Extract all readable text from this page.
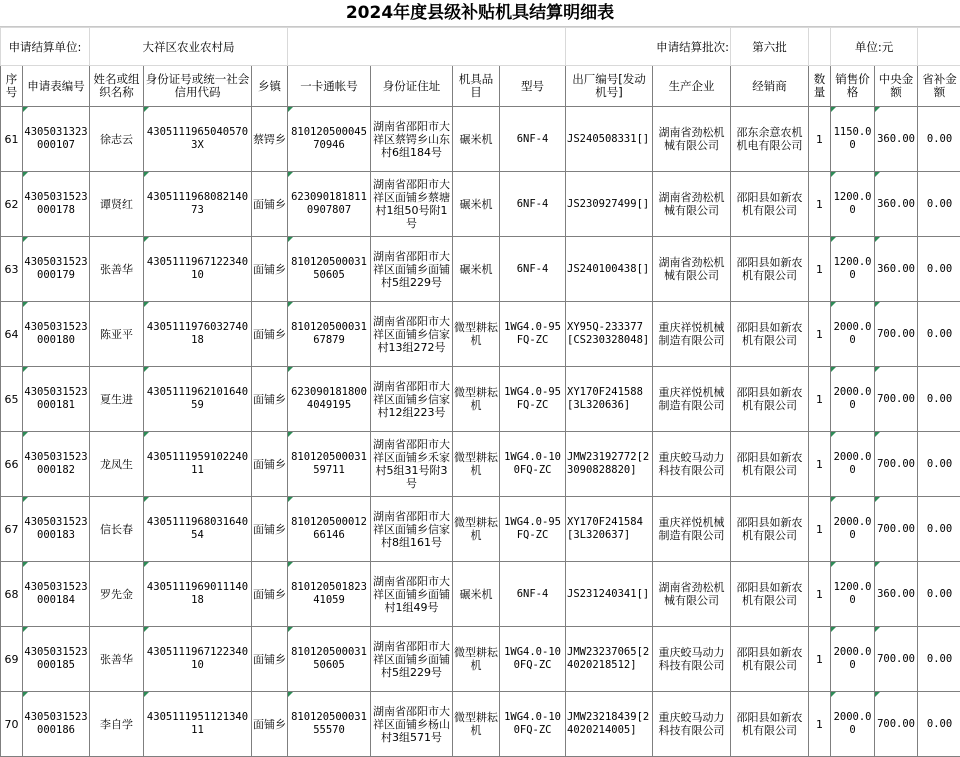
2024年度县级补贴机具结算明细表
申请结算单位:		大祥区农业农村局							申请结算批次:		第六批		单位:元		
序号	申请表编号	姓名或组织名称	身份证号或统一社会信用代码	乡镇	一卡通帐号	身份证住址	机具品目	型号	出厂编号[发动机号]	生产企业	经销商	数量	销售价格	中央金额	省补金额
61	4305031323000107	徐志云	43051119650405703X	蔡锷乡	81012050004570946	湖南省邵阳市大祥区蔡锷乡山东村6组184号	碾米机	6NF-4	JS240508331[]	湖南省劲松机械有限公司	邵东余意农机机电有限公司	1	1150.00	360.00	0.00
62	4305031523000178	谭贤红	430511196808214073	面铺乡	6230901818110907807	湖南省邵阳市大祥区面铺乡蔡塘村1组50号附1号	碾米机	6NF-4	JS230927499[]	湖南省劲松机械有限公司	邵阳县如新农机有限公司	1	1200.00	360.00	0.00
63	4305031523000179	张善华	430511196712234010	面铺乡	81012050003150605	湖南省邵阳市大祥区面铺乡面铺村5组229号	碾米机	6NF-4	JS240100438[]	湖南省劲松机械有限公司	邵阳县如新农机有限公司	1	1200.00	360.00	0.00
64	4305031523000180	陈亚平	430511197603274018	面铺乡	81012050003167879	湖南省邵阳市大祥区面铺乡信家村13组272号	微型耕耘机	1WG4.0-95FQ-ZC	XY95Q-233377[CS230328048]	重庆祥悦机械制造有限公司	邵阳县如新农机有限公司	1	2000.00	700.00	0.00
65	4305031523000181	夏生进	430511196210164059	面铺乡	623090181800 4049195	湖南省邵阳市大祥区面铺乡信家村12组223号	微型耕耘机	1WG4.0-95FQ-ZC	XY170F241588[3L320636]	重庆祥悦机械制造有限公司	邵阳县如新农机有限公司	1	2000.00	700.00	0.00
66	4305031523000182	龙凤生	430511195910224011	面铺乡	81012050003159711	湖南省邵阳市大祥区面铺乡禾家村5组31号附3号	微型耕耘机	1WG4.0-100FQ-ZC	JMW23192772[23090828820]	重庆蛟马动力科技有限公司	邵阳县如新农机有限公司	1	2000.00	700.00	0.00
67	4305031523000183	信长春	430511196803164054	面铺乡	81012050001266146	湖南省邵阳市大祥区面铺乡信家村8组161号	微型耕耘机	1WG4.0-95FQ-ZC	XY170F241584[3L320637]	重庆祥悦机械制造有限公司	邵阳县如新农机有限公司	1	2000.00	700.00	0.00
68	4305031523000184	罗先金	430511196901114018	面铺乡	81012050182341059	湖南省邵阳市大祥区面铺乡面铺村1组49号	碾米机	6NF-4	JS231240341[]	湖南省劲松机械有限公司	邵阳县如新农机有限公司	1	1200.00	360.00	0.00
69	4305031523000185	张善华	430511196712234010	面铺乡	81012050003150605	湖南省邵阳市大祥区面铺乡面铺村5组229号	微型耕耘机	1WG4.0-100FQ-ZC	JMW23237065[24020218512]	重庆蛟马动力科技有限公司	邵阳县如新农机有限公司	1	2000.00	700.00	0.00
70	4305031523000186	李自学	430511195112134011	面铺乡	81012050003155570	湖南省邵阳市大祥区面铺乡杨山村3组571号	微型耕耘机	1WG4.0-100FQ-ZC	JMW23218439[24020214005]	重庆蛟马动力科技有限公司	邵阳县如新农机有限公司	1	2000.00	700.00	0.00
